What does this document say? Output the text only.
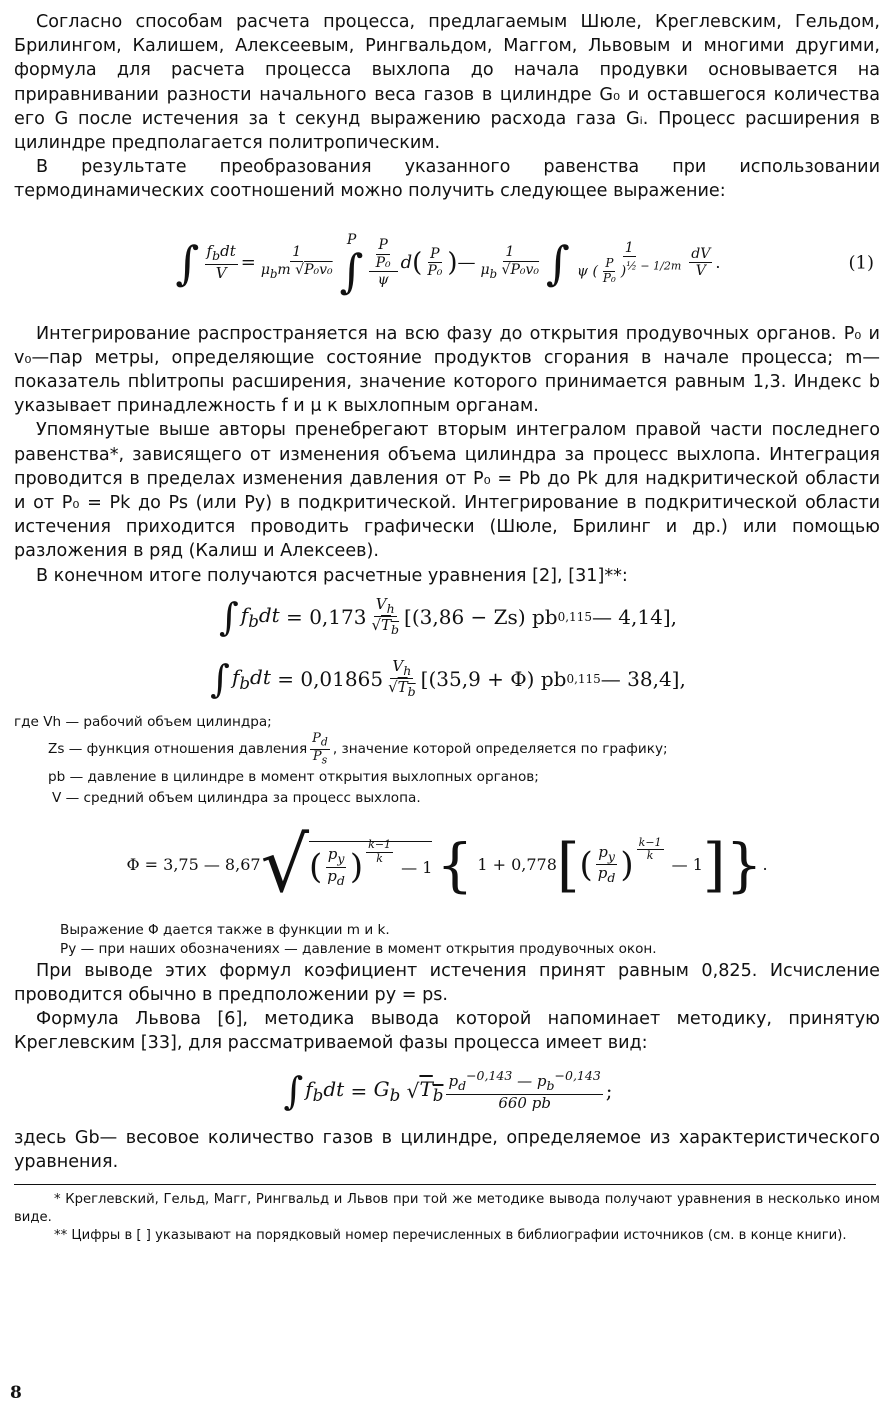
Согласно способам расчета процесса, предлагаемым Шюле, Креглевским, Гельдом, Брилингом, Калишем, Алексеевым, Рингвальдом, Маггом, Львовым и многими другими, формула для расчета процесса выхлопа до начала продувки основывается на приравнивании разности начального веса газов в цилиндре G₀ и оставшегося количества его G после истечения за t секунд выражению расхода газа Gᵢ. Процесс расширения в цилиндре предполагается политропическим.

В результате преобразования указанного равенства при использовании термодинамических соотношений можно получить следующее выражение:

∫ $\frac{f_bdt}{V} = \frac{1}{\mu_bm √P_0v_0}$
P
∫ $\frac{\frac{P}{\text{P₀}}}{\psi}$ d ( $\frac{P}{\text{P₀}}$ ) — $\frac{1}{\mu_b √P_0v_0}$ ∫ $\frac{1}{\psi ( \frac{P}{\text{P₀}} )^{\frac{1}{2} - 1/2m}} \frac{dV}{V}$ .	(1)

Интегрирование распространяется на всю фазу до открытия продувочных органов. P₀ и v₀—пар метры, определяющие состояние продуктов сгорания в начале процесса; m—показатель пblитропы расширения, значение которого принимается равным 1,3. Индекс b указывает принадлежность f и μ к выхлопным органам.

Упомянутые выше авторы пренебрегают вторым интегралом правой части последнего равенства*, зависящего от изменения объема цилиндра за процесс выхлопа. Интеграция проводится в пределах изменения давления от P₀ = Pb до Pk для надкритической области и от P₀ = Pk до Ps (или Py) в подкритической. Интегрирование в подкритической области истечения приходится проводить графически (Шюле, Брилинг и др.) или помощью разложения в ряд (Калиш и Алексеев).

В конечном итоге получаются расчетные уравнения [2], [31]**:

∫ $f_bdt = 0,173 \frac{V_h}{√T_b} [(3,86 - Zs)$ pb 0,115 — 4,14],
∫ $f_bdt = 0,01865 \frac{V_h}{√T_b} [(35,9 + \Phi)$ pb 0,115 — 38,4],
где Vh — рабочий объем цилиндра;
Zs —
функция отношения давления $\frac{P_d}{P_s}$ , значение которой определяется по графику;
pb — давление в цилиндре в момент открытия выхлопных органов;
V — средний объем цилиндра за процесс выхлопа.
Φ = 3,75 — 8,67 √ ( $\frac{p_y}{p_d}$ ) $^{\frac{k-1}{k}}$
— 1 { 1 + 0,778 [ ( $\frac{p_y}{p_d}$ ) $^{\frac{k-1}{k}}$
— 1 ] } .
Выражение Φ дается также в функции m и k.
Py — при наших обозначениях — давление в момент открытия продувочных окон.

При выводе этих формул коэфициент истечения принят равным 0,825. Исчисление проводится обычно в предположении py = ps.

Формула Львова [6], методика вывода которой напоминает методику, принятую Креглевским [33], для рассматриваемой фазы процесса имеет вид:

∫ $f_bdt = G_b$ √ $T_b \frac{p_d^{-0,143} — p_b^{-0,143}}{660 pb}$ ;

здесь Gb— весовое количество газов в цилиндре, определяемое из характеристического уравнения.

* Креглевский, Гельд, Магг, Рингвальд и Львов при той же методике вывода получают уравнения в несколько ином виде.

** Цифры в [ ] указывают на порядковый номер перечисленных в библиографии источников (см. в конце книги).

8
